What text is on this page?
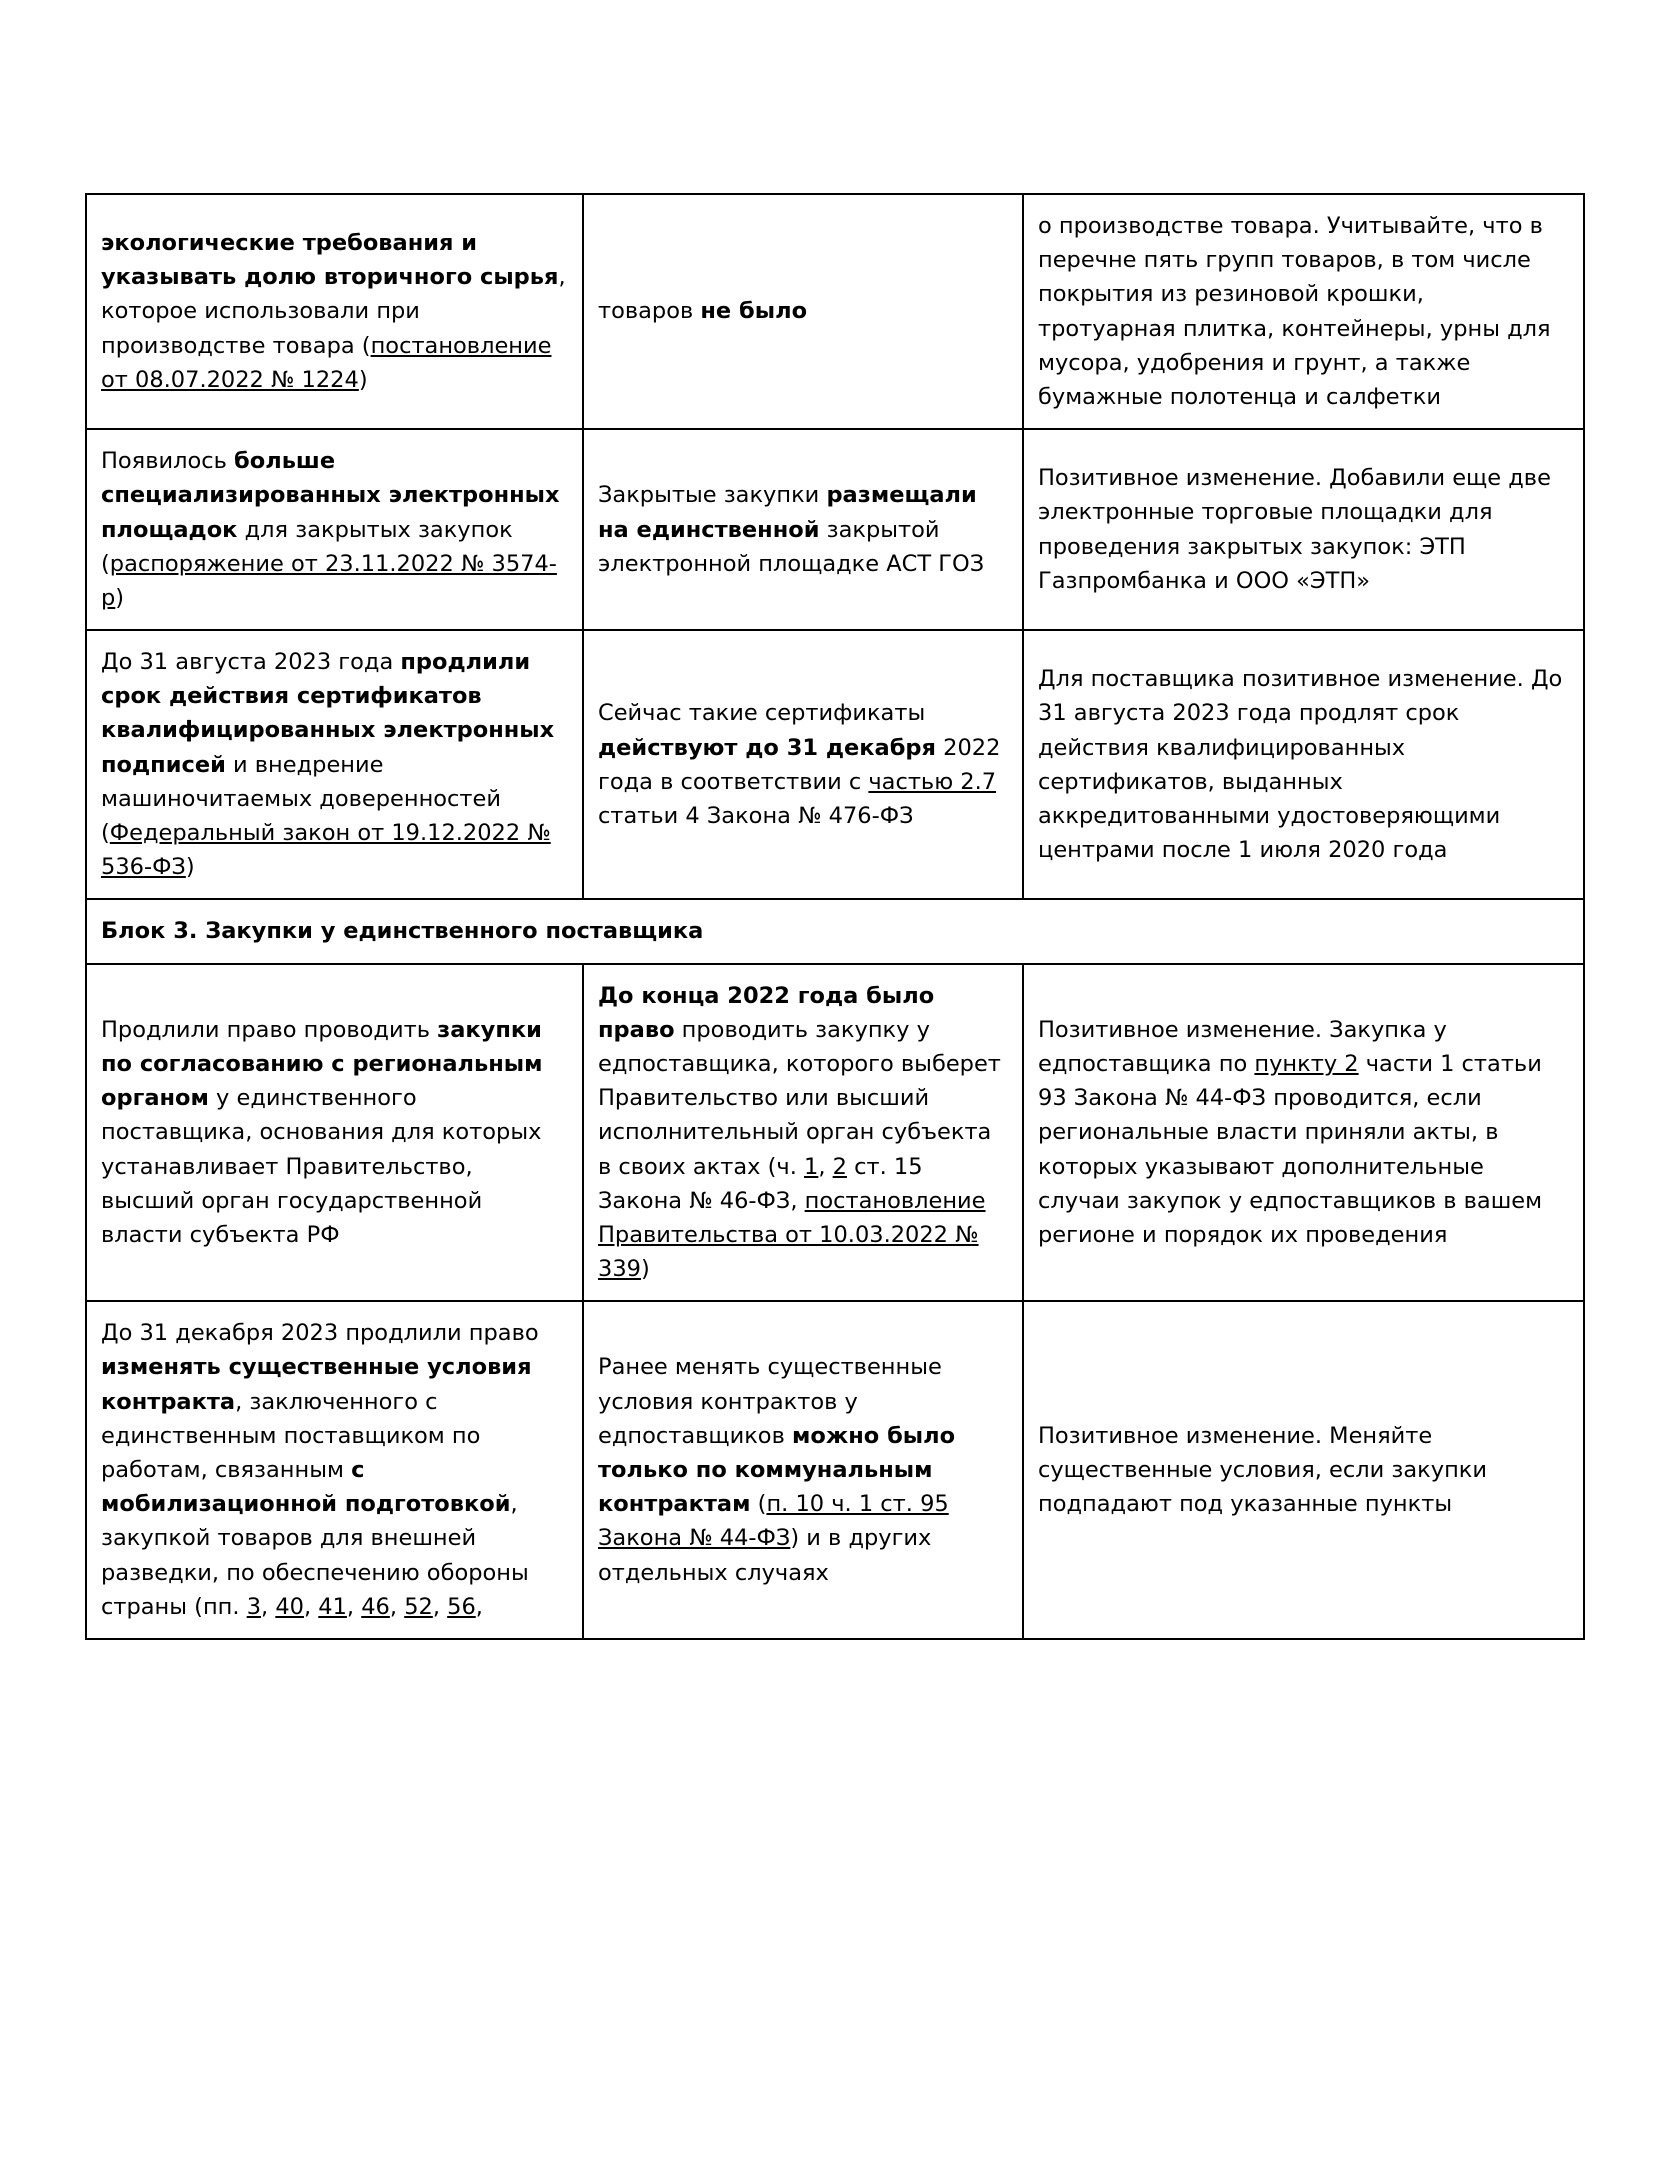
экологические требования и указывать долю вторичного сырья, которое использовали при производстве товара (постановление от 08.07.2022 № 1224)	товаров не было	о производстве товара. Учитывайте, что в перечне пять групп товаров, в том числе покрытия из резиновой крошки, тротуарная плитка, контейнеры, урны для мусора, удобрения и грунт, а также бумажные полотенца и салфетки
Появилось больше специализированных электронных площадок для закрытых закупок (распоряжение от 23.11.2022 № 3574-р)	Закрытые закупки размещали на единственной закрытой электронной площадке АСТ ГОЗ	Позитивное изменение. Добавили еще две электронные торговые площадки для проведения закрытых закупок: ЭТП Газпромбанка и ООО «ЭТП»
До 31 августа 2023 года продлили срок действия сертификатов квалифицированных электронных подписей и внедрение машиночитаемых доверенностей (Федеральный закон от 19.12.2022 № 536-ФЗ)	Сейчас такие сертификаты действуют до 31 декабря 2022 года в соответствии с частью 2.7 статьи 4 Закона № 476-ФЗ	Для поставщика позитивное изменение. До 31 августа 2023 года продлят срок действия квалифицированных сертификатов, выданных аккредитованными удостоверяющими центрами после 1 июля 2020 года
Блок 3. Закупки у единственного поставщика		
Продлили право проводить закупки по согласованию с региональным органом у единственного поставщика, основания для которых устанавливает Правительство, высший орган государственной власти субъекта РФ	До конца 2022 года было право проводить закупку у едпоставщика, которого выберет Правительство или высший исполнительный орган субъекта в своих актах (ч. 1, 2 ст. 15 Закона № 46-ФЗ, постановление Правительства от 10.03.2022 № 339)	Позитивное изменение. Закупка у едпоставщика по пункту 2 части 1 статьи 93 Закона № 44-ФЗ проводится, если региональные власти приняли акты, в которых указывают дополнительные случаи закупок у едпоставщиков в вашем регионе и порядок их проведения
До 31 декабря 2023 продлили право изменять существенные условия контракта, заключенного с единственным поставщиком по работам, связанным с мобилизационной подготовкой, закупкой товаров для внешней разведки, по обеспечению обороны страны (пп. 3, 40, 41, 46, 52, 56,	Ранее менять существенные условия контрактов у едпоставщиков можно было только по коммунальным контрактам (п. 10 ч. 1 ст. 95 Закона № 44-ФЗ) и в других отдельных случаях	Позитивное изменение. Меняйте существенные условия, если закупки подпадают под указанные пункты
